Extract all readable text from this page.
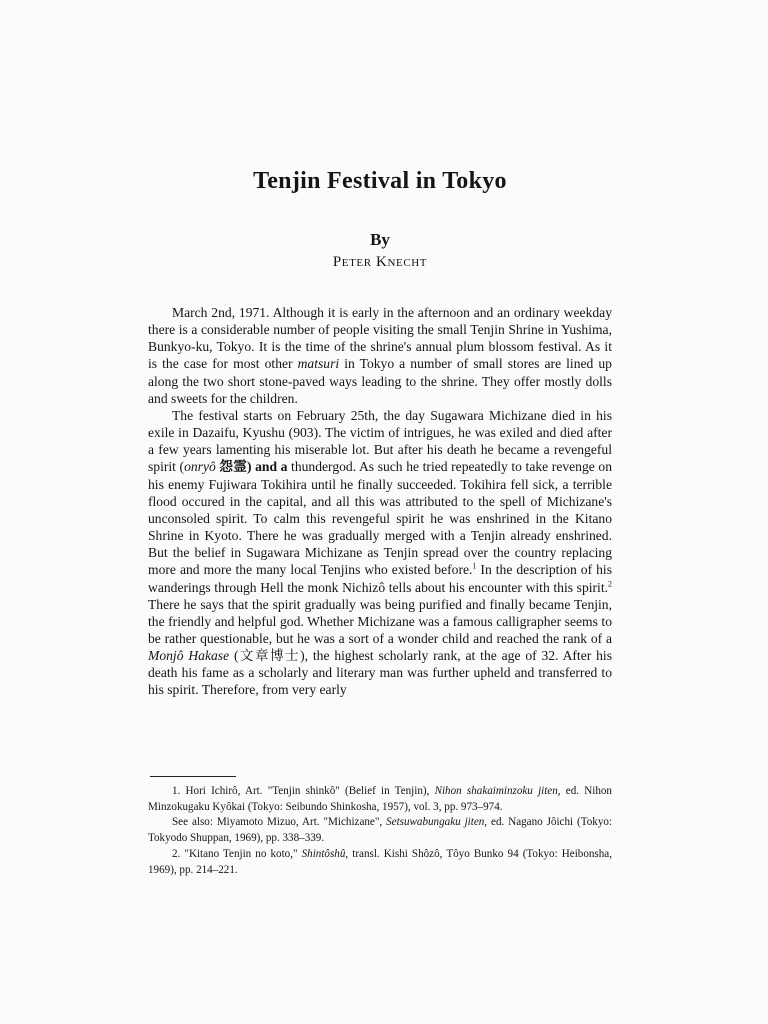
Tenjin Festival in Tokyo
By
Peter Knecht

March 2nd, 1971. Although it is early in the afternoon and an ordinary weekday there is a considerable number of people visiting the small Tenjin Shrine in Yushima, Bunkyo-ku, Tokyo. It is the time of the shrine's annual plum blossom festival. As it is the case for most other matsuri in Tokyo a number of small stores are lined up along the two short stone-paved ways leading to the shrine. They offer mostly dolls and sweets for the children.

The festival starts on February 25th, the day Sugawara Michizane died in his exile in Dazaifu, Kyushu (903). The victim of intrigues, he was exiled and died after a few years lamenting his miserable lot. But after his death he became a revengeful spirit (onryô 怨霊) and a thundergod. As such he tried repeatedly to take revenge on his enemy Fujiwara Tokihira until he finally succeeded. Tokihira fell sick, a terrible flood occured in the capital, and all this was attributed to the spell of Michizane's unconsoled spirit. To calm this revengeful spirit he was enshrined in the Kitano Shrine in Kyoto. There he was gradually merged with a Tenjin already enshrined. But the belief in Sugawara Michizane as Tenjin spread over the country replacing more and more the many local Tenjins who existed before.$^1$ In the description of his wanderings through Hell the monk Nichizô tells about his encounter with this spirit.$^2$ There he says that the spirit gradually was being purified and finally became Tenjin, the friendly and helpful god. Whether Michizane was a famous calligrapher seems to be rather questionable, but he was a sort of a wonder child and reached the rank of a Monjô Hakase (文章博士), the highest scholarly rank, at the age of 32. After his death his fame as a scholarly and literary man was further upheld and transferred to his spirit. Therefore, from very early

1. Hori Ichirô, Art. "Tenjin shinkô" (Belief in Tenjin), Nihon shakaiminzoku jiten, ed. Nihon Minzokugaku Kyôkai (Tokyo: Seibundo Shinkosha, 1957), vol. 3, pp. 973–974.

See also: Miyamoto Mizuo, Art. "Michizane", Setsuwabungaku jiten, ed. Nagano Jôichi (Tokyo: Tokyodo Shuppan, 1969), pp. 338–339.

2. "Kitano Tenjin no koto," Shintôshû, transl. Kishi Shôzô, Tôyo Bunko 94 (Tokyo: Heibonsha, 1969), pp. 214–221.
